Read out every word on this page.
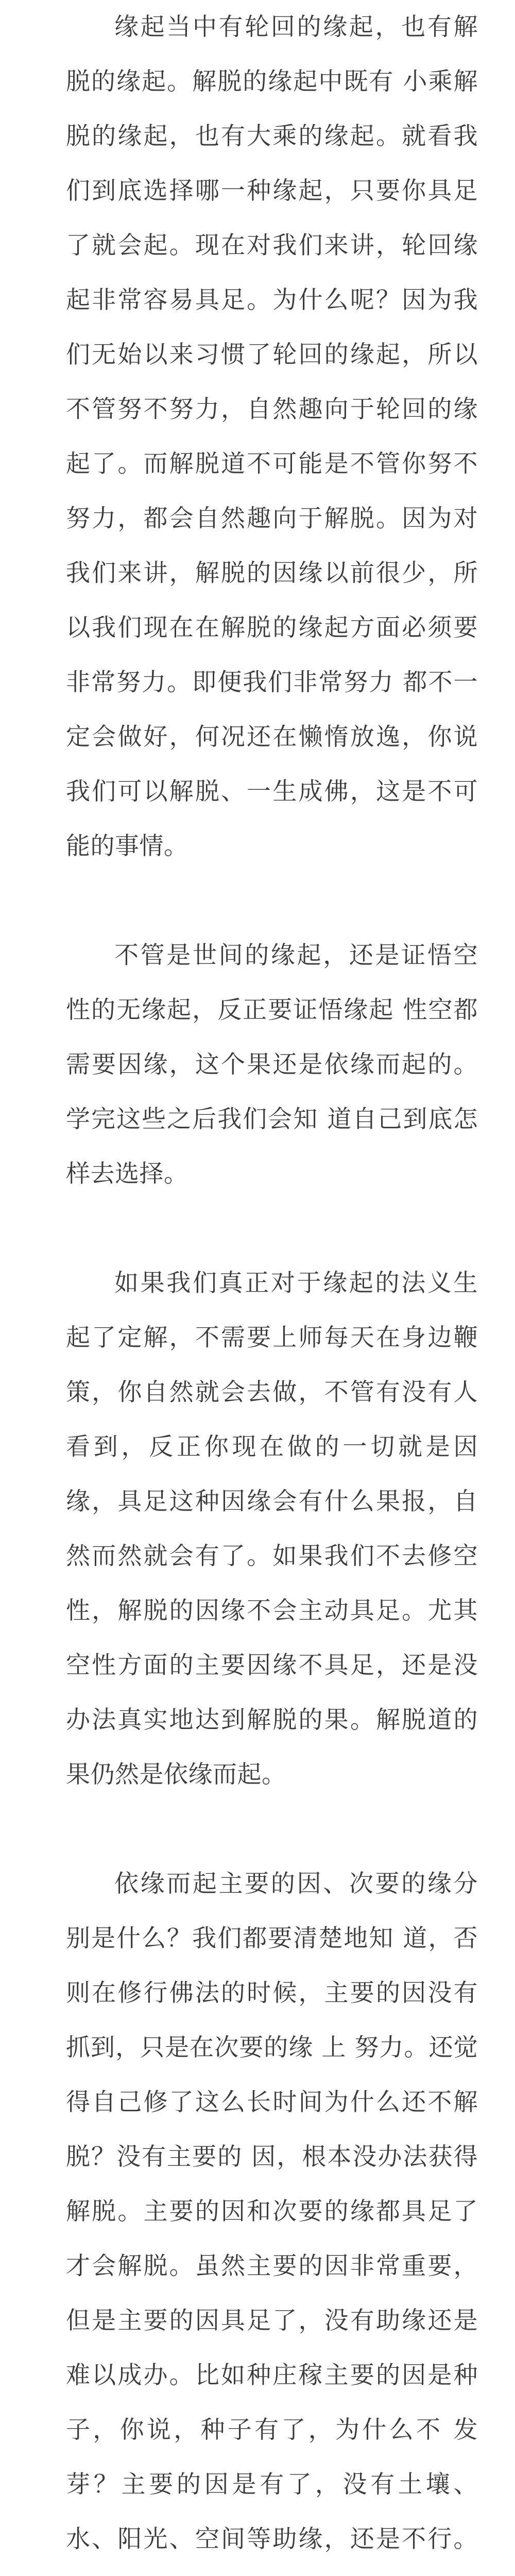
缘起当中有轮回的缘起，也有解脱的缘起。解脱的缘起中既有 小乘解脱的缘起，也有大乘的缘起。就看我们到底选择哪一种缘起，只要你具足了就会起。现在对我们来讲，轮回缘起非常容易具足。为什么呢？因为我们无始以来习惯了轮回的缘起，所以不管努不努力，自然趣向于轮回的缘起了。而解脱道不可能是不管你努不努力，都会自然趣向于解脱。因为对我们来讲，解脱的因缘以前很少，所 以我们现在在解脱的缘起方面必须要非常努力。即便我们非常努力 都不一定会做好，何况还在懒惰放逸，你说我们可以解脱、一生成佛，这是不可能的事情。

不管是世间的缘起，还是证悟空性的无缘起，反正要证悟缘起 性空都需要因缘，这个果还是依缘而起的。学完这些之后我们会知 道自己到底怎样去选择。

如果我们真正对于缘起的法义生起了定解，不需要上师每天在身边鞭策，你自然就会去做，不管有没有人看到，反正你现在做的一切就是因缘，具足这种因缘会有什么果报，自然而然就会有了。如果我们不去修空性，解脱的因缘不会主动具足。尤其空性方面的主要因缘不具足，还是没办法真实地达到解脱的果。解脱道的果仍然是依缘而起。

依缘而起主要的因、次要的缘分别是什么？我们都要清楚地知 道，否则在修行佛法的时候，主要的因没有抓到，只是在次要的缘 上 努力。还觉得自己修了这么长时间为什么还不解脱？没有主要的 因，根本没办法获得解脱。主要的因和次要的缘都具足了才会解脱。虽然主要的因非常重要，但是主要的因具足了，没有助缘还是难以成办。比如种庄稼主要的因是种子，你说，种子有了，为什么不 发芽？主要的因是有了，没有土壤、水、阳光、空间等助缘，还是不行。
